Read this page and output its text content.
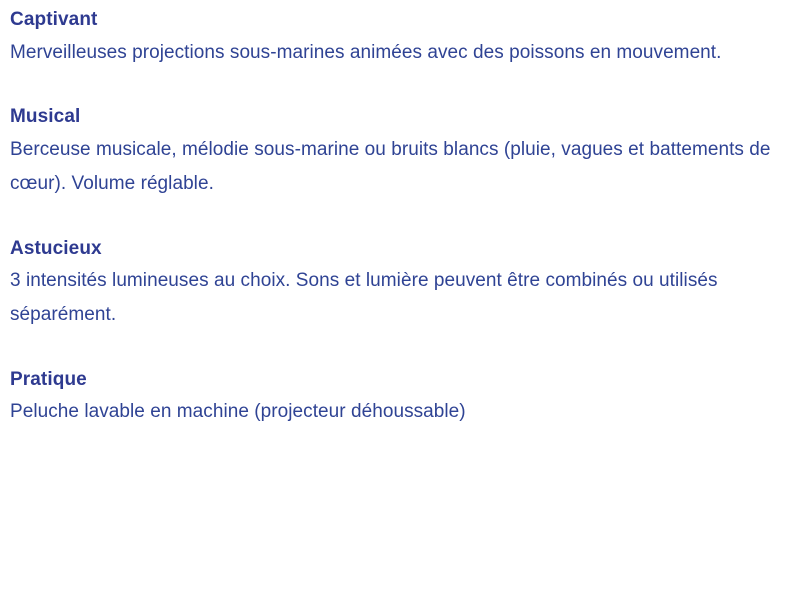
Captivant

Merveilleuses projections sous-marines animées avec des poissons en mouvement.

Musical

Berceuse musicale, mélodie sous-marine ou bruits blancs (pluie, vagues et battements de cœur). Volume réglable.

Astucieux

3 intensités lumineuses au choix. Sons et lumière peuvent être combinés ou utilisés séparément.

Pratique

Peluche lavable en machine (projecteur déhoussable)
